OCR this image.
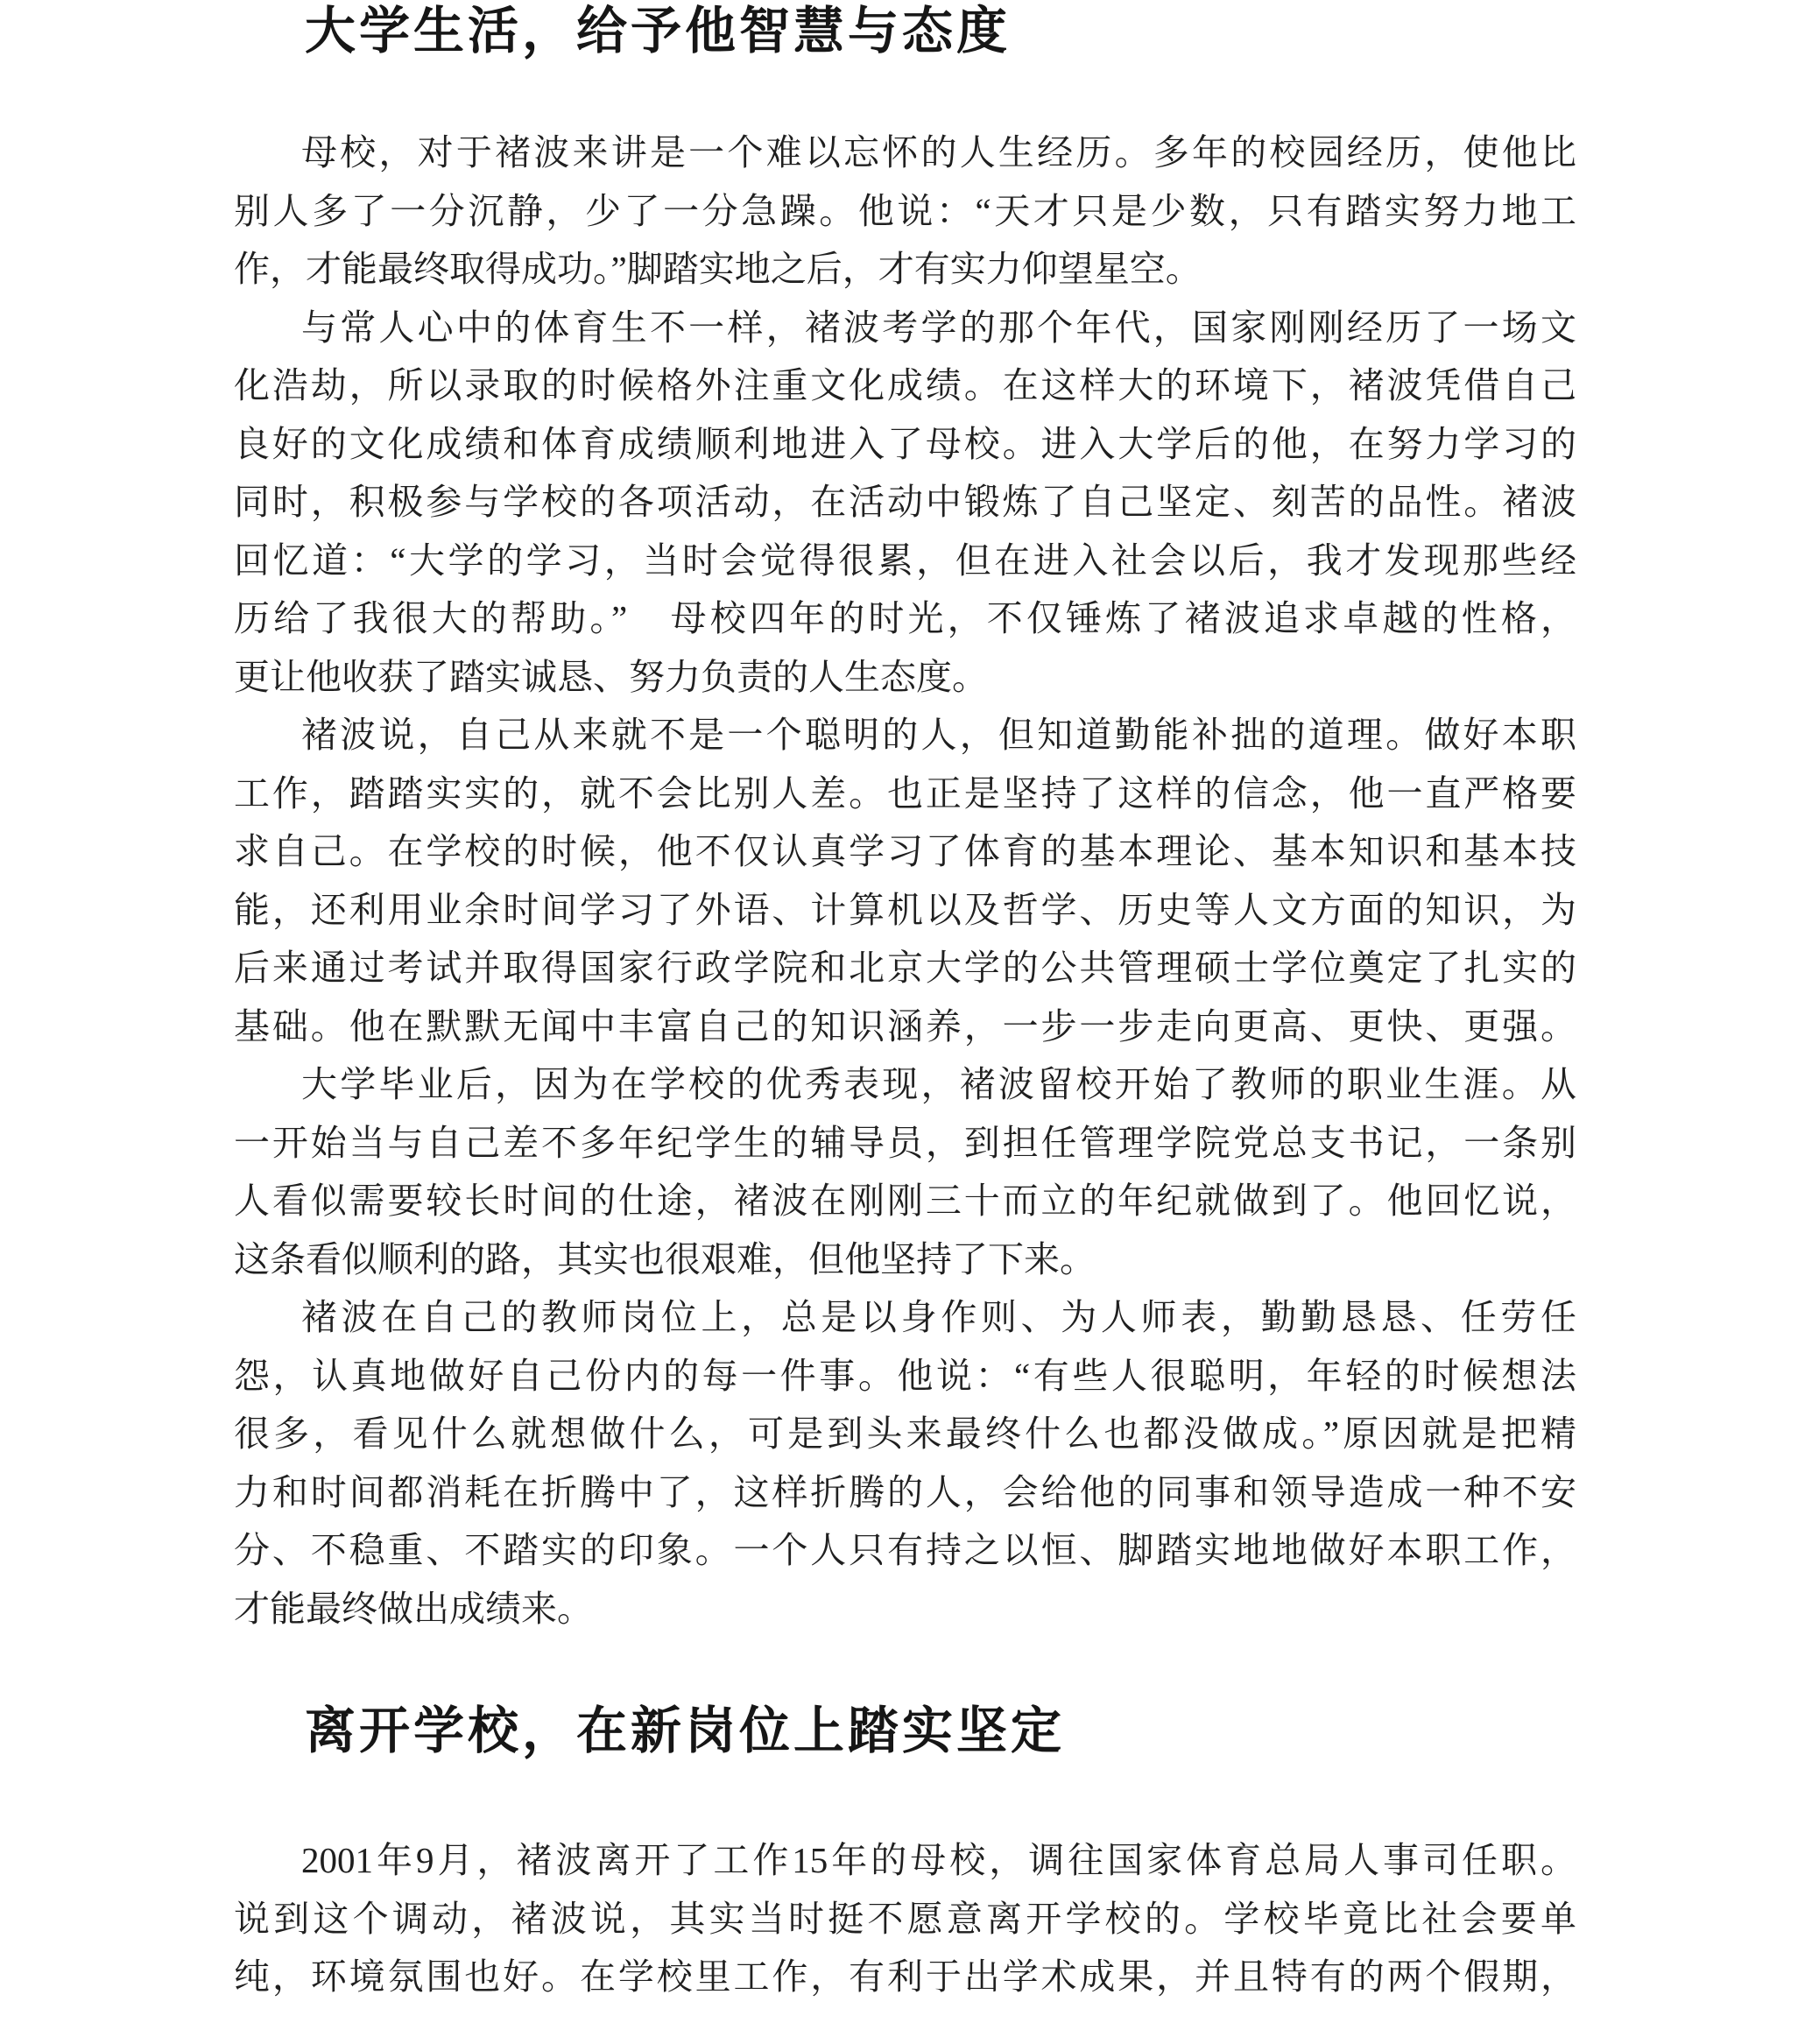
大学生活，给予他智慧与态度
母校，对于褚波来讲是一个难以忘怀的人生经历。多年的校园经历，使他比
别人多了一分沉静，少了一分急躁。他说：“天才只是少数，只有踏实努力地工
作，才能最终取得成功。”脚踏实地之后，才有实力仰望星空。
与常人心中的体育生不一样，褚波考学的那个年代，国家刚刚经历了一场文
化浩劫，所以录取的时候格外注重文化成绩。在这样大的环境下，褚波凭借自己
良好的文化成绩和体育成绩顺利地进入了母校。进入大学后的他，在努力学习的
同时，积极参与学校的各项活动，在活动中锻炼了自己坚定、刻苦的品性。褚波
回忆道：“大学的学习，当时会觉得很累，但在进入社会以后，我才发现那些经
历给了我很大的帮助。”　母校四年的时光，不仅锤炼了褚波追求卓越的性格，
更让他收获了踏实诚恳、努力负责的人生态度。
褚波说，自己从来就不是一个聪明的人，但知道勤能补拙的道理。做好本职
工作，踏踏实实的，就不会比别人差。也正是坚持了这样的信念，他一直严格要
求自己。在学校的时候，他不仅认真学习了体育的基本理论、基本知识和基本技
能，还利用业余时间学习了外语、计算机以及哲学、历史等人文方面的知识，为
后来通过考试并取得国家行政学院和北京大学的公共管理硕士学位奠定了扎实的
基础。他在默默无闻中丰富自己的知识涵养，一步一步走向更高、更快、更强。
大学毕业后，因为在学校的优秀表现，褚波留校开始了教师的职业生涯。从
一开始当与自己差不多年纪学生的辅导员，到担任管理学院党总支书记，一条别
人看似需要较长时间的仕途，褚波在刚刚三十而立的年纪就做到了。他回忆说，
这条看似顺利的路，其实也很艰难，但他坚持了下来。
褚波在自己的教师岗位上，总是以身作则、为人师表，勤勤恳恳、任劳任
怨，认真地做好自己份内的每一件事。他说：“有些人很聪明，年轻的时候想法
很多，看见什么就想做什么，可是到头来最终什么也都没做成。”原因就是把精
力和时间都消耗在折腾中了，这样折腾的人，会给他的同事和领导造成一种不安
分、不稳重、不踏实的印象。一个人只有持之以恒、脚踏实地地做好本职工作，
才能最终做出成绩来。
离开学校，在新岗位上踏实坚定
2001年9月，褚波离开了工作15年的母校，调往国家体育总局人事司任职。
说到这个调动，褚波说，其实当时挺不愿意离开学校的。学校毕竟比社会要单
纯，环境氛围也好。在学校里工作，有利于出学术成果，并且特有的两个假期，
